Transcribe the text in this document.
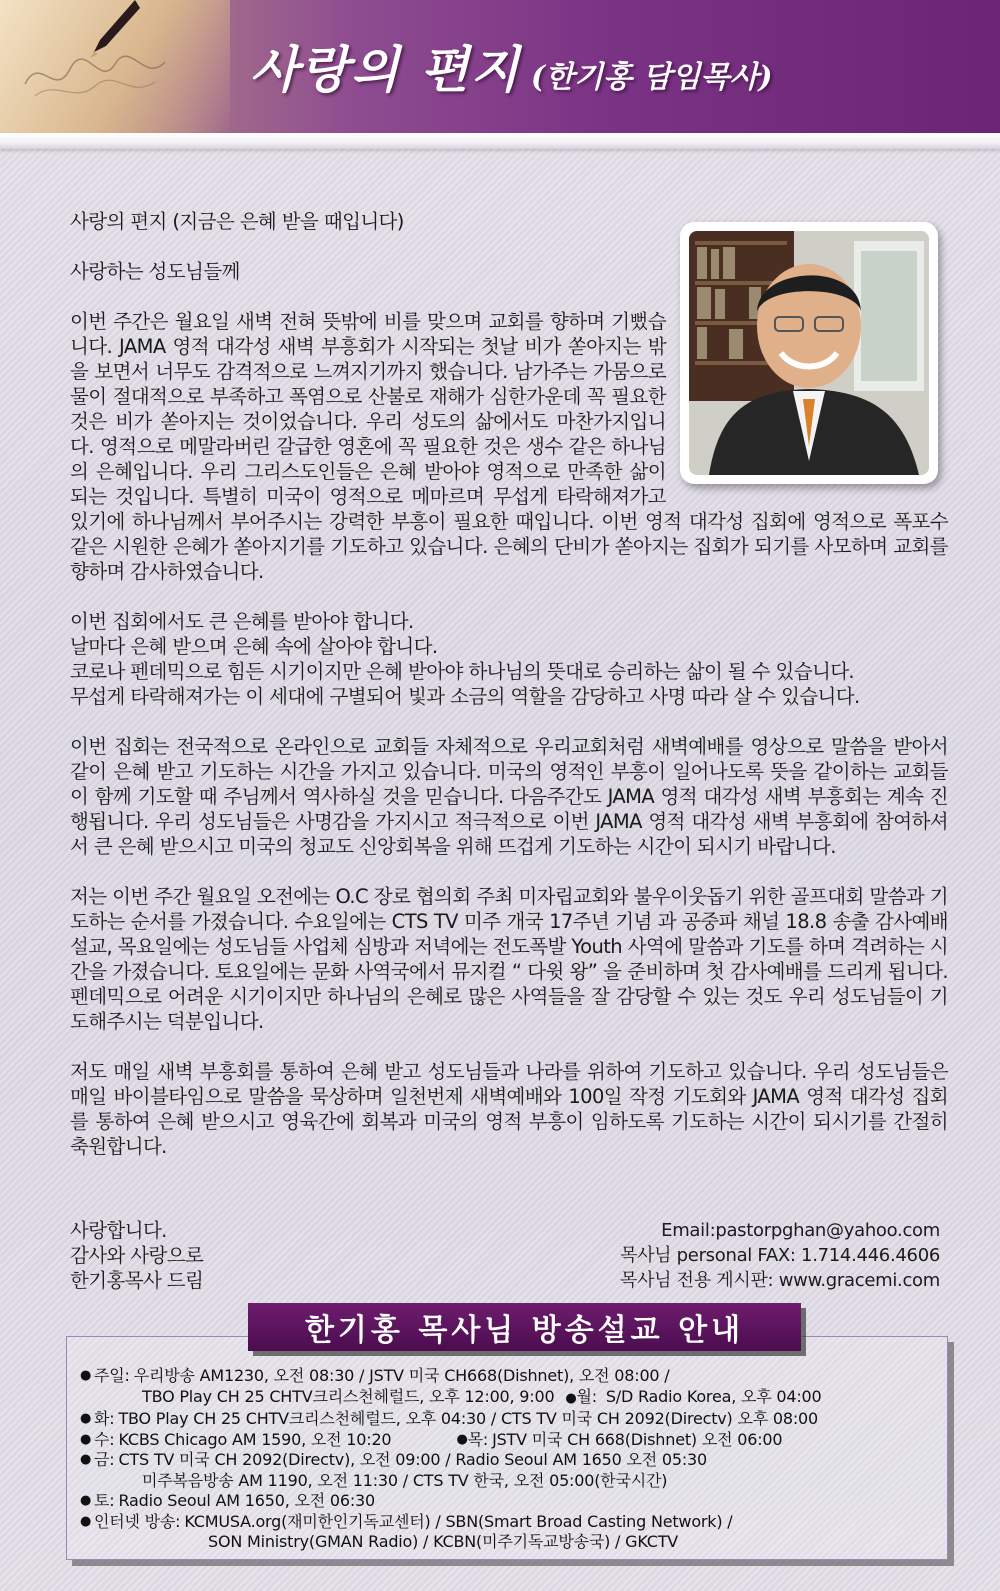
사랑의 편지 (한기홍 담임목사)

사랑의 편지 (지금은 은혜 받을 때입니다)

사랑하는 성도님들께

이번 주간은 월요일 새벽 전혀 뜻밖에 비를 맞으며 교회를 향하며 기뻤습니다. JAMA 영적 대각성 새벽 부흥회가 시작되는 첫날 비가 쏟아지는 밖을 보면서 너무도 감격적으로 느껴지기까지 했습니다. 남가주는 가뭄으로 물이 절대적으로 부족하고 폭염으로 산불로 재해가 심한가운데 꼭 필요한 것은 비가 쏟아지는 것이었습니다. 우리 성도의 삶에서도 마찬가지입니다. 영적으로 메말라버린 갈급한 영혼에 꼭 필요한 것은 생수 같은 하나님의 은혜입니다. 우리 그리스도인들은 은혜 받아야 영적으로 만족한 삶이 되는 것입니다. 특별히 미국이 영적으로 메마르며 무섭게 타락해져가고 있기에 하나님께서 부어주시는 강력한 부흥이 필요한 때입니다. 이번 영적 대각성 집회에 영적으로 폭포수 같은 시원한 은혜가 쏟아지기를 기도하고 있습니다. 은혜의 단비가 쏟아지는 집회가 되기를 사모하며 교회를 향하며 감사하였습니다.

이번 집회에서도 큰 은혜를 받아야 합니다.

날마다 은혜 받으며 은혜 속에 살아야 합니다.

코로나 펜데믹으로 힘든 시기이지만 은혜 받아야 하나님의 뜻대로 승리하는 삶이 될 수 있습니다.

무섭게 타락해져가는 이 세대에 구별되어 빛과 소금의 역할을 감당하고 사명 따라 살 수 있습니다.

이번 집회는 전국적으로 온라인으로 교회들 자체적으로 우리교회처럼 새벽예배를 영상으로 말씀을 받아서 같이 은혜 받고 기도하는 시간을 가지고 있습니다. 미국의 영적인 부흥이 일어나도록 뜻을 같이하는 교회들이 함께 기도할 때 주님께서 역사하실 것을 믿습니다. 다음주간도 JAMA 영적 대각성 새벽 부흥회는 계속 진행됩니다. 우리 성도님들은 사명감을 가지시고 적극적으로 이번 JAMA 영적 대각성 새벽 부흥회에 참여하셔서 큰 은혜 받으시고 미국의 청교도 신앙회복을 위해 뜨겁게 기도하는 시간이 되시기 바랍니다.

저는 이번 주간 월요일 오전에는 O.C 장로 협의회 주최 미자립교회와 불우이웃돕기 위한 골프대회 말씀과 기도하는 순서를 가졌습니다. 수요일에는 CTS TV 미주 개국 17주년 기념 과 공중파 채널 18.8 송출 감사예배 설교, 목요일에는 성도님들 사업체 심방과 저녁에는 전도폭발 Youth 사역에 말씀과 기도를 하며 격려하는 시간을 가졌습니다. 토요일에는 문화 사역국에서 뮤지컬 “ 다윗 왕” 을 준비하며 첫 감사예배를 드리게 됩니다. 펜데믹으로 어려운 시기이지만 하나님의 은혜로 많은 사역들을 잘 감당할 수 있는 것도 우리 성도님들이 기도해주시는 덕분입니다.

저도 매일 새벽 부흥회를 통하여 은혜 받고 성도님들과 나라를 위하여 기도하고 있습니다. 우리 성도님들은 매일 바이블타임으로 말씀을 묵상하며 일천번제 새벽예배와 100일 작정 기도회와 JAMA 영적 대각성 집회를 통하여 은혜 받으시고 영육간에 회복과 미국의 영적 부흥이 임하도록 기도하는 시간이 되시기를 간절히 축원합니다.

사랑합니다.
감사와 사랑으로
한기홍목사 드림
Email:pastorpghan@yahoo.com
목사님 personal FAX: 1.714.446.4606
목사님 전용 게시판: www.gracemi.com
한기홍 목사님 방송설교 안내
● 주일: 우리방송 AM1230, 오전 08:30 / JSTV 미국 CH668(Dishnet), 오전 08:00 /
TBO Play CH 25 CHTV크리스천헤럴드, 오후 12:00, 9:00 ●월: S/D Radio Korea, 오후 04:00
● 화: TBO Play CH 25 CHTV크리스천헤럴드, 오후 04:30 / CTS TV 미국 CH 2092(Directv) 오후 08:00
● 수: KCBS Chicago AM 1590, 오전 10:20	● 목: JSTV 미국 CH 668(Dishnet) 오전 06:00
● 금: CTS TV 미국 CH 2092(Directv), 오전 09:00 / Radio Seoul AM 1650 오전 05:30
미주복음방송 AM 1190, 오전 11:30 / CTS TV 한국, 오전 05:00(한국시간)
● 토: Radio Seoul AM 1650, 오전 06:30
● 인터넷 방송: KCMUSA.org(재미한인기독교센터) / SBN(Smart Broad Casting Network) /
SON Ministry(GMAN Radio) / KCBN(미주기독교방송국) / GKCTV
